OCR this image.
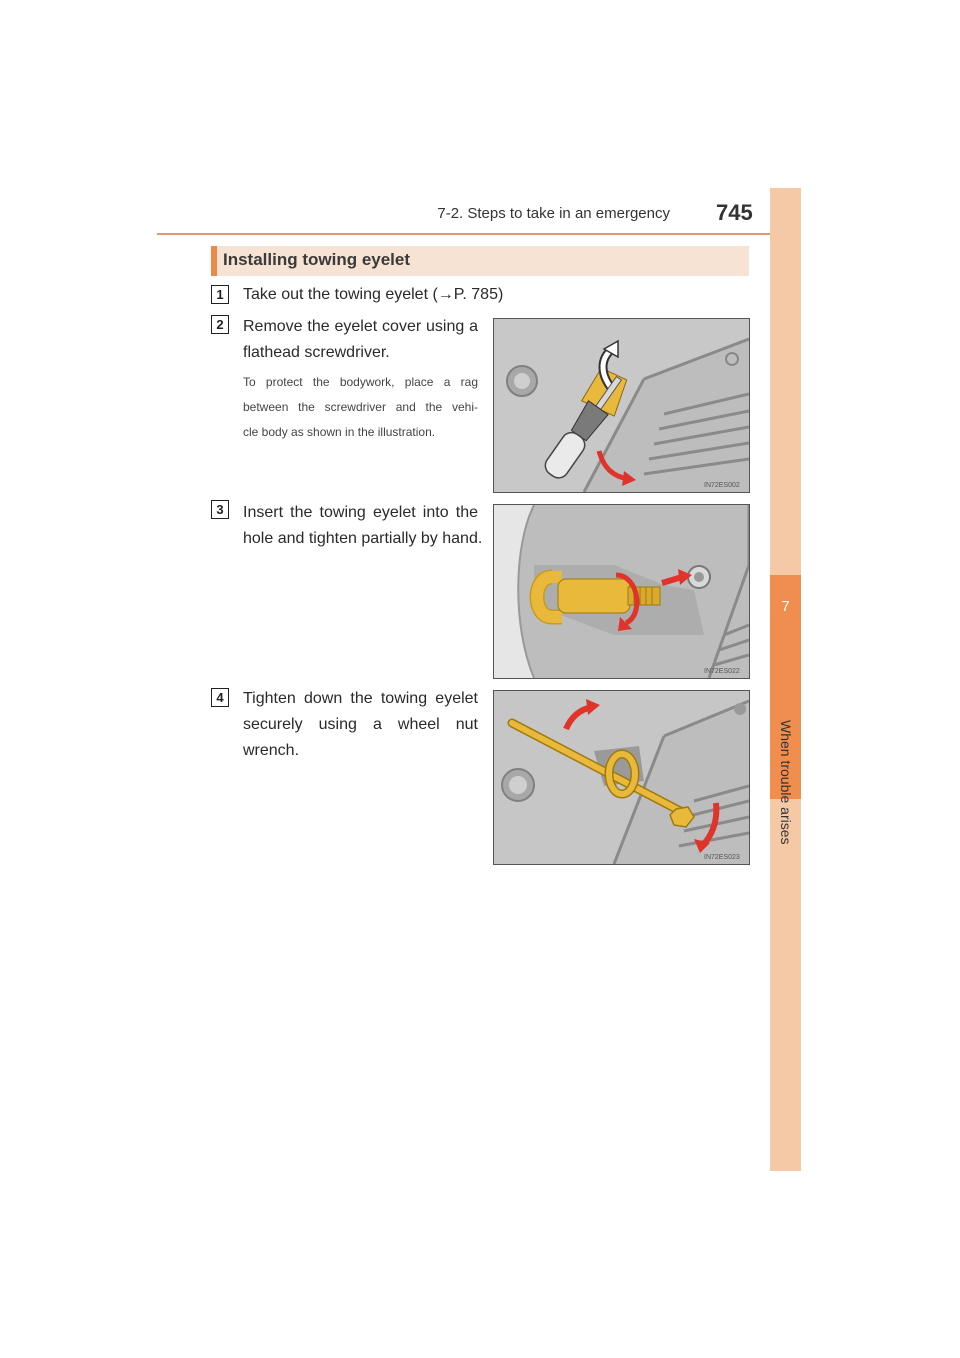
7-2. Steps to take in an emergency 745
7
When trouble arises
Installing towing eyelet
1	Take out the towing eyelet (→P. 785)
2	Remove the eyelet cover using a
flathead screwdriver.
To protect the bodywork, place a rag
between the screwdriver and the vehi-
cle body as shown in the illustration.
IN72ES002
3	Insert the towing eyelet into the
hole and tighten partially by hand.
IN72ES022
4	Tighten down the towing eyelet
securely using a wheel nut
wrench.
IN72ES023
